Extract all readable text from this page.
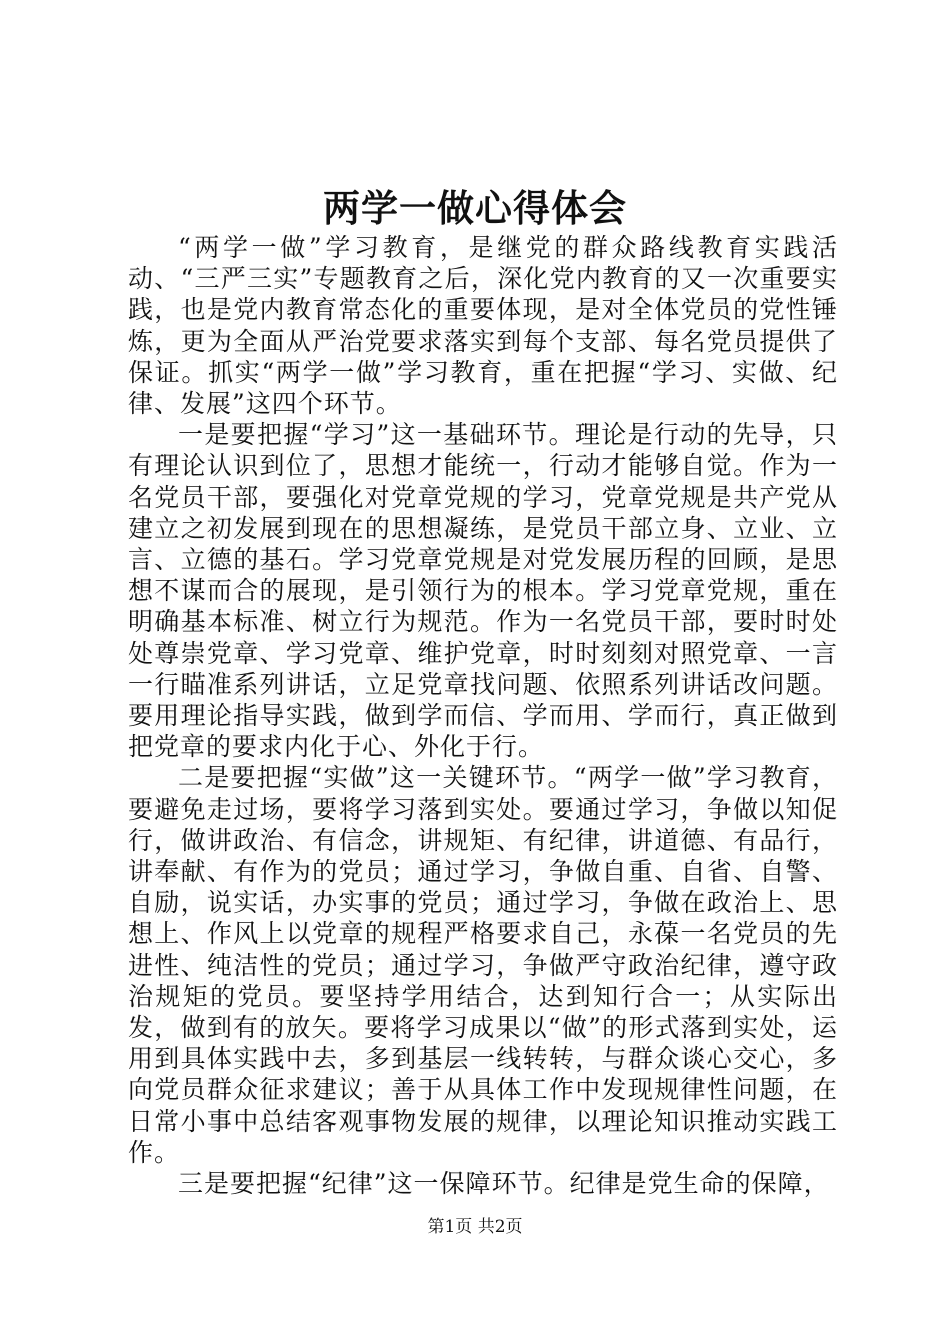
两学一做心得体会

“两学一做”学习教育，是继党的群众路线教育实践活动、“三严三实”专题教育之后，深化党内教育的又一次重要实践，也是党内教育常态化的重要体现，是对全体党员的党性锤炼，更为全面从严治党要求落实到每个支部、每名党员提供了保证。抓实“两学一做”学习教育，重在把握“学习、实做、纪律、发展”这四个环节。

一是要把握“学习”这一基础环节。理论是行动的先导，只有理论认识到位了，思想才能统一，行动才能够自觉。作为一名党员干部，要强化对党章党规的学习，党章党规是共产党从建立之初发展到现在的思想凝练，是党员干部立身、立业、立言、立德的基石。学习党章党规是对党发展历程的回顾，是思想不谋而合的展现，是引领行为的根本。学习党章党规，重在明确基本标准、树立行为规范。作为一名党员干部，要时时处处尊崇党章、学习党章、维护党章，时时刻刻对照党章、一言一行瞄准系列讲话，立足党章找问题、依照系列讲话改问题。要用理论指导实践，做到学而信、学而用、学而行，真正做到把党章的要求内化于心、外化于行。

二是要把握“实做”这一关键环节。“两学一做”学习教育，要避免走过场，要将学习落到实处。要通过学习，争做以知促行，做讲政治、有信念，讲规矩、有纪律，讲道德、有品行，讲奉献、有作为的党员；通过学习，争做自重、自省、自警、自励，说实话，办实事的党员；通过学习，争做在政治上、思想上、作风上以党章的规程严格要求自己，永葆一名党员的先进性、纯洁性的党员；通过学习，争做严守政治纪律，遵守政治规矩的党员。要坚持学用结合，达到知行合一；从实际出发，做到有的放矢。要将学习成果以“做”的形式落到实处，运用到具体实践中去，多到基层一线转转，与群众谈心交心，多向党员群众征求建议；善于从具体工作中发现规律性问题，在日常小事中总结客观事物发展的规律，以理论知识推动实践工作。

三是要把握“纪律”这一保障环节。纪律是党生命的保障，

第1页 共2页
